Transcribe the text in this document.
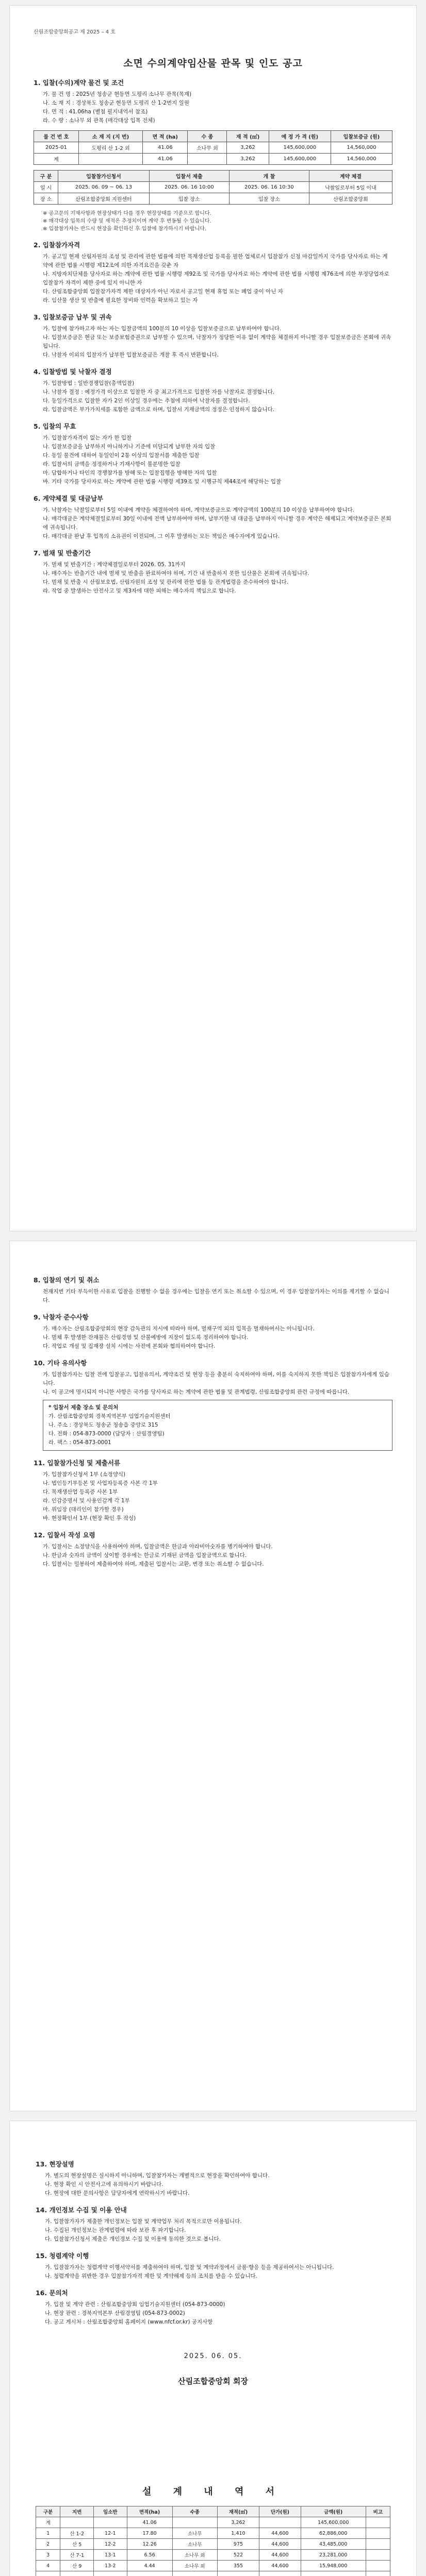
산림조합중앙회공고 제 2025 – 4 호
소면 수의계약임산물 관목 및 인도 공고
1. 입찰(수의)계약 물건 및 조건
가. 물 건 명 : 2025년 청송군 현동면 도평리 소나무 관목(목재)
나. 소 재 지 : 경상북도 청송군 현동면 도평리 산 1-2번지 일원
다. 면 적 : 41.06ha (별첨 필지내역서 참조)
라. 수 량 : 소나무 외 관목 (매각대상 입목 전체)
물 건 번 호	소 재 지 (지 번)	면 적 (ha)	수 종	재 적 (㎥)	예 정 가 격 (원)	입찰보증금 (원)
2025-01	도평리 산 1-2 외	41.06	소나무 외	3,262	145,600,000	14,560,000
계		41.06		3,262	145,600,000	14,560,000
구 분	입찰참가신청서	입찰서 제출	개 찰	계약 체결
일 시	2025. 06. 09 ~ 06. 13	2025. 06. 16 10:00	2025. 06. 16 10:30	낙찰일로부터 5일 이내
장 소	산림조합중앙회 지원센터	입찰 장소	입찰 장소	산림조합중앙회
※ 공고문의 기재사항과 현장상태가 다를 경우 현장상태를 기준으로 합니다.
※ 매각대상 입목의 수량 및 재적은 추정치이며 계약 후 변동될 수 있습니다.
※ 입찰참가자는 반드시 현장을 확인하신 후 입찰에 참가하시기 바랍니다.
2. 입찰참가자격
가. 공고일 현재 산림자원의 조성 및 관리에 관한 법률에 의한 목재생산업 등록을 필한 업체로서 입찰참가 신청 마감일까지 국가를 당사자로 하는 계약에 관한 법률 시행령 제12조에 의한 자격요건을 갖춘 자
나. 지방자치단체를 당사자로 하는 계약에 관한 법률 시행령 제92조 및 국가를 당사자로 하는 계약에 관한 법률 시행령 제76조에 의한 부정당업자로 입찰참가 자격이 제한 중에 있지 아니한 자
다. 산림조합중앙회 입찰참가자격 제한 대상자가 아닌 자로서 공고일 현재 휴업 또는 폐업 중이 아닌 자
라. 임산물 생산 및 반출에 필요한 장비와 인력을 확보하고 있는 자
3. 입찰보증금 납부 및 귀속
가. 입찰에 참가하고자 하는 자는 입찰금액의 100분의 10 이상을 입찰보증금으로 납부하여야 합니다.
나. 입찰보증금은 현금 또는 보증보험증권으로 납부할 수 있으며, 낙찰자가 정당한 이유 없이 계약을 체결하지 아니할 경우 입찰보증금은 본회에 귀속됩니다.
다. 낙찰자 이외의 입찰자가 납부한 입찰보증금은 개찰 후 즉시 반환합니다.
4. 입찰방법 및 낙찰자 결정
가. 입찰방법 : 일반경쟁입찰(총액입찰)
나. 낙찰자 결정 : 예정가격 이상으로 입찰한 자 중 최고가격으로 입찰한 자를 낙찰자로 결정합니다.
다. 동일가격으로 입찰한 자가 2인 이상일 경우에는 추첨에 의하여 낙찰자를 결정합니다.
라. 입찰금액은 부가가치세를 포함한 금액으로 하며, 입찰서 기재금액의 정정은 인정하지 않습니다.
5. 입찰의 무효
가. 입찰참가자격이 없는 자가 한 입찰
나. 입찰보증금을 납부하지 아니하거나 기준에 미달되게 납부한 자의 입찰
다. 동일 물건에 대하여 동일인이 2통 이상의 입찰서를 제출한 입찰
라. 입찰서의 금액을 정정하거나 기재사항이 불분명한 입찰
마. 담합하거나 타인의 경쟁참가를 방해 또는 입찰집행을 방해한 자의 입찰
바. 기타 국가를 당사자로 하는 계약에 관한 법률 시행령 제39조 및 시행규칙 제44조에 해당하는 입찰
6. 계약체결 및 대금납부
가. 낙찰자는 낙찰일로부터 5일 이내에 계약을 체결하여야 하며, 계약보증금으로 계약금액의 100분의 10 이상을 납부하여야 합니다.
나. 매각대금은 계약체결일로부터 30일 이내에 전액 납부하여야 하며, 납부기한 내 대금을 납부하지 아니할 경우 계약은 해제되고 계약보증금은 본회에 귀속됩니다.
다. 매각대금 완납 후 입목의 소유권이 이전되며, 그 이후 발생하는 모든 책임은 매수자에게 있습니다.
7. 벌채 및 반출기간
가. 벌채 및 반출기간 : 계약체결일로부터 2026. 05. 31까지
나. 매수자는 반출기간 내에 벌채 및 반출을 완료하여야 하며, 기간 내 반출하지 못한 임산물은 본회에 귀속됩니다.
다. 벌채 및 반출 시 산림보호법, 산림자원의 조성 및 관리에 관한 법률 등 관계법령을 준수하여야 합니다.
라. 작업 중 발생하는 안전사고 및 제3자에 대한 피해는 매수자의 책임으로 합니다.
8. 입찰의 연기 및 취소
천재지변 기타 부득이한 사유로 입찰을 진행할 수 없을 경우에는 입찰을 연기 또는 취소할 수 있으며, 이 경우 입찰참가자는 이의를 제기할 수 없습니다.
9. 낙찰자 준수사항
가. 매수자는 산림조합중앙회의 현장 감독관의 지시에 따라야 하며, 벌채구역 외의 입목을 벌채하여서는 아니됩니다.
나. 벌채 후 발생한 잔재물은 산림경영 및 산불예방에 지장이 없도록 정리하여야 합니다.
다. 작업로 개설 및 집재장 설치 시에는 사전에 본회와 협의하여야 합니다.
10. 기타 유의사항
가. 입찰참가자는 입찰 전에 입찰공고, 입찰유의서, 계약조건 및 현장 등을 충분히 숙지하여야 하며, 이를 숙지하지 못한 책임은 입찰참가자에게 있습니다.
나. 이 공고에 명시되지 아니한 사항은 국가를 당사자로 하는 계약에 관한 법률 및 관계법령, 산림조합중앙회 관련 규정에 따릅니다.
* 입찰서 제출 장소 및 문의처
가. 산림조합중앙회 경북지역본부 임업기술지원센터
나. 주소 : 경상북도 청송군 청송읍 중앙로 315
다. 전화 : 054-873-0000 (담당자 : 산림경영팀)
라. 팩스 : 054-873-0001
11. 입찰참가신청 및 제출서류
가. 입찰참가신청서 1부 (소정양식)
나. 법인등기부등본 및 사업자등록증 사본 각 1부
다. 목재생산업 등록증 사본 1부
라. 인감증명서 및 사용인감계 각 1부
마. 위임장 (대리인이 참가할 경우)
바. 현장확인서 1부 (현장 확인 후 작성)
12. 입찰서 작성 요령
가. 입찰서는 소정양식을 사용하여야 하며, 입찰금액은 한글과 아라비아숫자를 병기하여야 합니다.
나. 한글과 숫자의 금액이 상이할 경우에는 한글로 기재된 금액을 입찰금액으로 합니다.
다. 입찰서는 밀봉하여 제출하여야 하며, 제출된 입찰서는 교환, 변경 또는 취소할 수 없습니다.
13. 현장설명
가. 별도의 현장설명은 실시하지 아니하며, 입찰참가자는 개별적으로 현장을 확인하여야 합니다.
나. 현장 확인 시 안전사고에 유의하시기 바랍니다.
다. 현장에 대한 문의사항은 담당자에게 연락하시기 바랍니다.
14. 개인정보 수집 및 이용 안내
가. 입찰참가자가 제출한 개인정보는 입찰 및 계약업무 처리 목적으로만 이용됩니다.
나. 수집된 개인정보는 관계법령에 따라 보관 후 파기합니다.
다. 입찰참가신청서 제출은 개인정보 수집 및 이용에 동의한 것으로 봅니다.
15. 청렴계약 이행
가. 입찰참가자는 청렴계약 이행서약서를 제출하여야 하며, 입찰 및 계약과정에서 금품·향응 등을 제공하여서는 아니됩니다.
나. 청렴계약을 위반한 경우 입찰참가자격 제한 및 계약해제 등의 조치를 받을 수 있습니다.
16. 문의처
가. 입찰 및 계약 관련 : 산림조합중앙회 임업기술지원센터 (054-873-0000)
나. 현장 관련 : 경북지역본부 산림경영팀 (054-873-0002)
다. 공고 게시처 : 산림조합중앙회 홈페이지 (www.nfcf.or.kr) 공지사항
2025. 06. 05.
산림조합중앙회 회장
설 계 내 역 서
구분	지번	임소반	면적(ha)	수종	재적(㎥)	단가(원)	금액(원)	비고
계			41.06		3,262		145,600,000	
1	산 1-2	12-1	17.80	소나무	1,410	44,600	62,886,000	
2	산 5	12-2	12.26	소나무	975	44,600	43,485,000	
3	산 7-1	13-1	6.56	소나무 외	522	44,600	23,281,000	
4	산 9	13-2	4.44	소나무 외	355	44,600	15,948,000	
